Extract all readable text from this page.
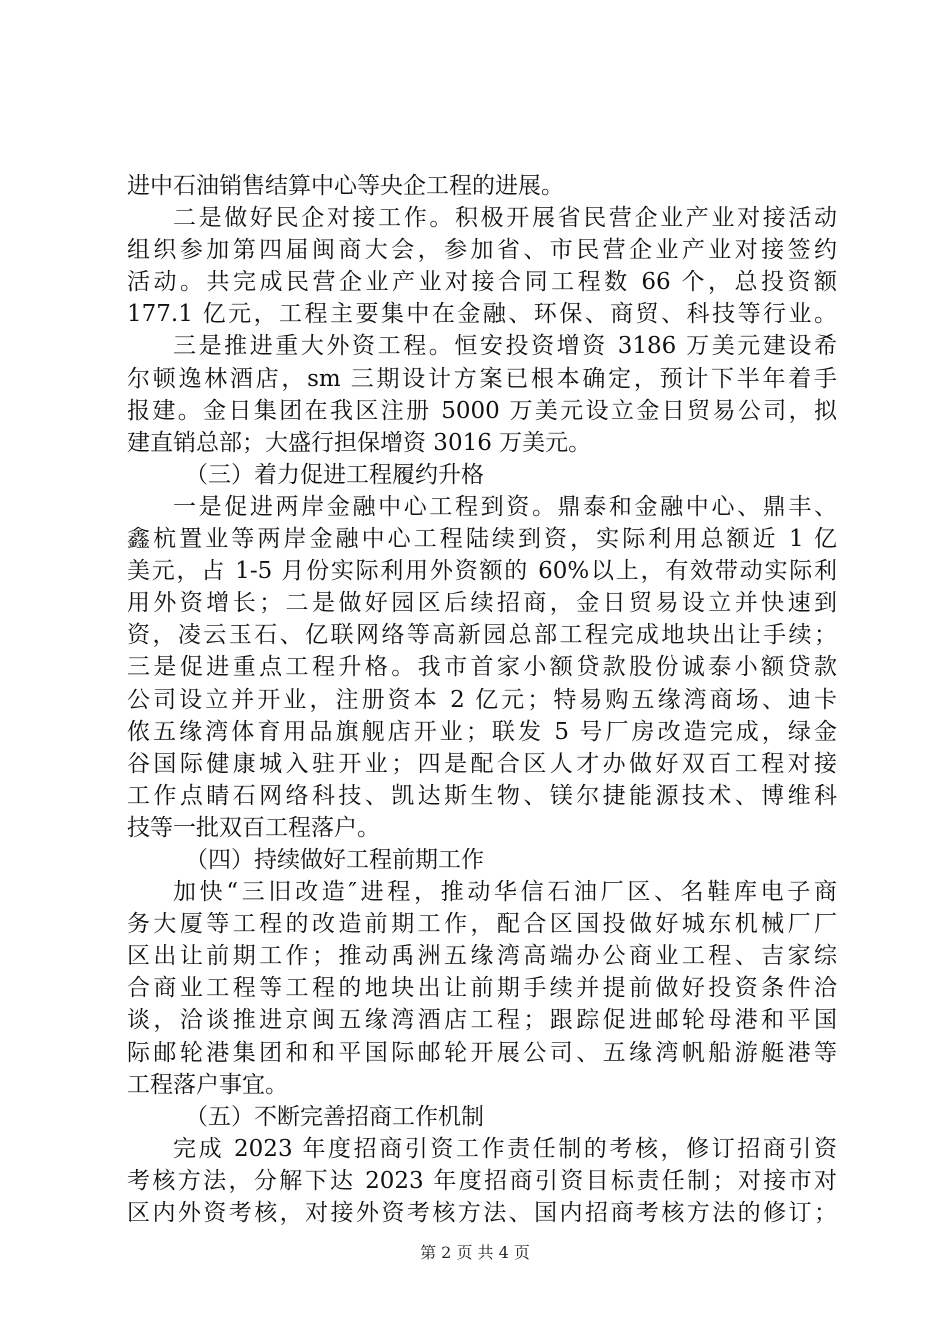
进中石油销售结算中心等央企工程的进展。
二是做好民企对接工作。积极开展省民营企业产业对接活动
组织参加第四届闽商大会，参加省、市民营企业产业对接签约
活动。共完成民营企业产业对接合同工程数 66 个，总投资额
177.1 亿元，工程主要集中在金融、环保、商贸、科技等行业。
三是推进重大外资工程。恒安投资增资 3186 万美元建设希
尔顿逸林酒店，sm 三期设计方案已根本确定，预计下半年着手
报建。金日集团在我区注册 5000 万美元设立金日贸易公司，拟
建直销总部；大盛行担保增资 3016 万美元。
（三）着力促进工程履约升格
一是促进两岸金融中心工程到资。鼎泰和金融中心、鼎丰、
鑫杭置业等两岸金融中心工程陆续到资，实际利用总额近 1 亿
美元，占 1-5 月份实际利用外资额的 60%以上，有效带动实际利
用外资增长；二是做好园区后续招商，金日贸易设立并快速到
资，凌云玉石、亿联网络等高新园总部工程完成地块出让手续；
三是促进重点工程升格。我市首家小额贷款股份诚泰小额贷款
公司设立并开业，注册资本 2 亿元；特易购五缘湾商场、迪卡
侬五缘湾体育用品旗舰店开业；联发 5 号厂房改造完成，绿金
谷国际健康城入驻开业；四是配合区人才办做好双百工程对接
工作点睛石网络科技、凯达斯生物、镁尔捷能源技术、博维科
技等一批双百工程落户。
（四）持续做好工程前期工作
加快“三旧改造″进程，推动华信石油厂区、名鞋库电子商
务大厦等工程的改造前期工作，配合区国投做好城东机械厂厂
区出让前期工作；推动禹洲五缘湾高端办公商业工程、吉家综
合商业工程等工程的地块出让前期手续并提前做好投资条件洽
谈，洽谈推进京闽五缘湾酒店工程；跟踪促进邮轮母港和平国
际邮轮港集团和和平国际邮轮开展公司、五缘湾帆船游艇港等
工程落户事宜。
（五）不断完善招商工作机制
完成 2023 年度招商引资工作责任制的考核，修订招商引资
考核方法，分解下达 2023 年度招商引资目标责任制；对接市对
区内外资考核，对接外资考核方法、国内招商考核方法的修订；
第 2 页 共 4 页
